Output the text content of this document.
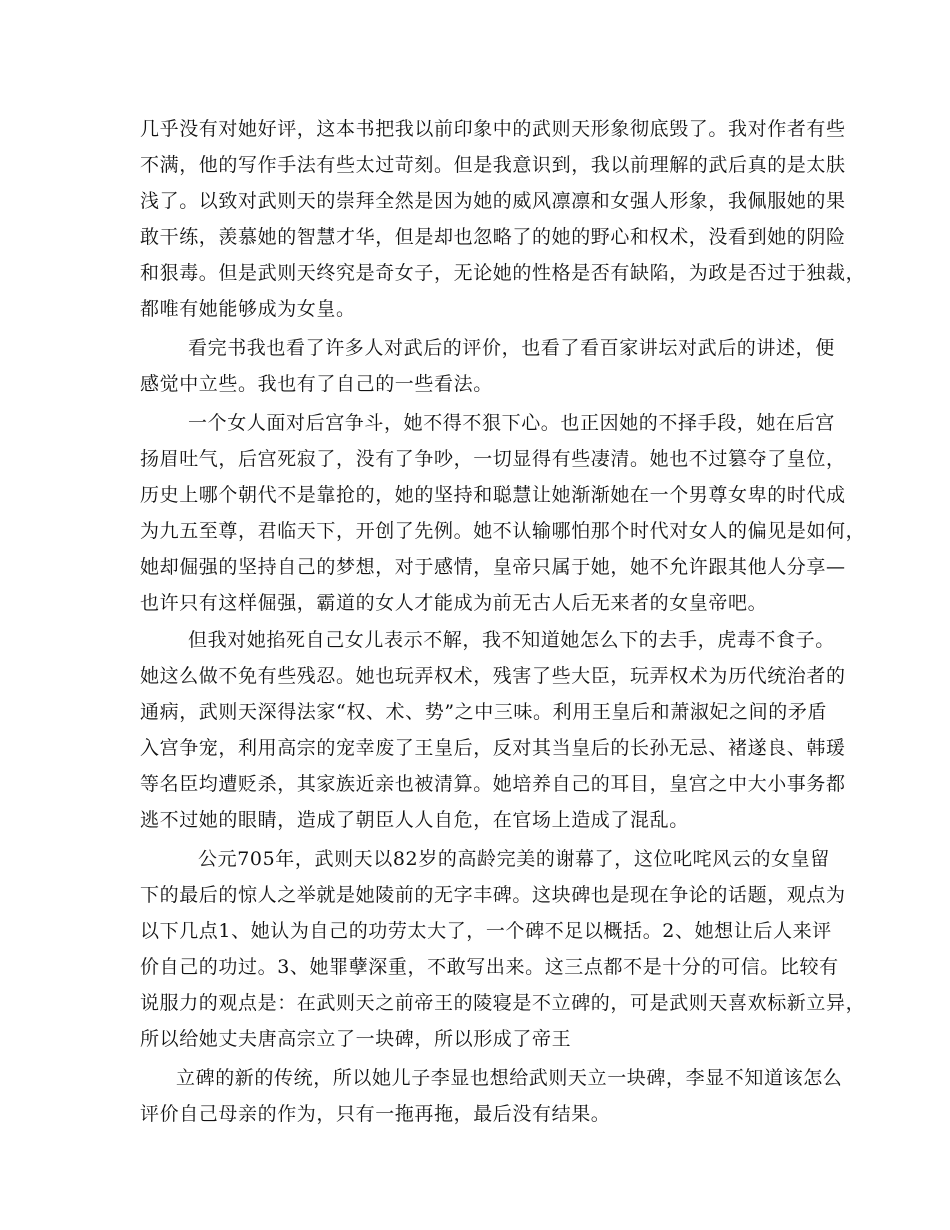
几乎没有对她好评，这本书把我以前印象中的武则天形象彻底毁了。我对作者有些
不满，他的写作手法有些太过苛刻。但是我意识到，我以前理解的武后真的是太肤
浅了。以致对武则天的崇拜全然是因为她的威风凛凛和女强人形象，我佩服她的果
敢干练，羡慕她的智慧才华，但是却也忽略了的她的野心和权术，没看到她的阴险
和狠毒。但是武则天终究是奇女子，无论她的性格是否有缺陷，为政是否过于独裁，
都唯有她能够成为女皇。
看完书我也看了许多人对武后的评价，也看了看百家讲坛对武后的讲述，便
感觉中立些。我也有了自己的一些看法。
一个女人面对后宫争斗，她不得不狠下心。也正因她的不择手段，她在后宫
扬眉吐气，后宫死寂了，没有了争吵，一切显得有些凄清。她也不过篡夺了皇位，
历史上哪个朝代不是靠抢的，她的坚持和聪慧让她渐渐她在一个男尊女卑的时代成
为九五至尊，君临天下，开创了先例。她不认输哪怕那个时代对女人的偏见是如何，
她却倔强的坚持自己的梦想，对于感情，皇帝只属于她，她不允许跟其他人分享—
也许只有这样倔强，霸道的女人才能成为前无古人后无来者的女皇帝吧。
但我对她掐死自己女儿表示不解，我不知道她怎么下的去手，虎毒不食子。
她这么做不免有些残忍。她也玩弄权术，残害了些大臣，玩弄权术为历代统治者的
通病，武则天深得法家“权、术、势”之中三味。利用王皇后和萧淑妃之间的矛盾
入宫争宠，利用高宗的宠幸废了王皇后，反对其当皇后的长孙无忌、褚遂良、韩瑗
等名臣均遭贬杀，其家族近亲也被清算。她培养自己的耳目，皇宫之中大小事务都
逃不过她的眼睛，造成了朝臣人人自危，在官场上造成了混乱。
公元705年，武则天以82岁的高龄完美的谢幕了，这位叱咤风云的女皇留
下的最后的惊人之举就是她陵前的无字丰碑。这块碑也是现在争论的话题，观点为
以下几点1、她认为自己的功劳太大了，一个碑不足以概括。2、她想让后人来评
价自己的功过。3、她罪孽深重，不敢写出来。这三点都不是十分的可信。比较有
说服力的观点是：在武则天之前帝王的陵寝是不立碑的，可是武则天喜欢标新立异，
所以给她丈夫唐高宗立了一块碑，所以形成了帝王
立碑的新的传统，所以她儿子李显也想给武则天立一块碑，李显不知道该怎么
评价自己母亲的作为，只有一拖再拖，最后没有结果。
